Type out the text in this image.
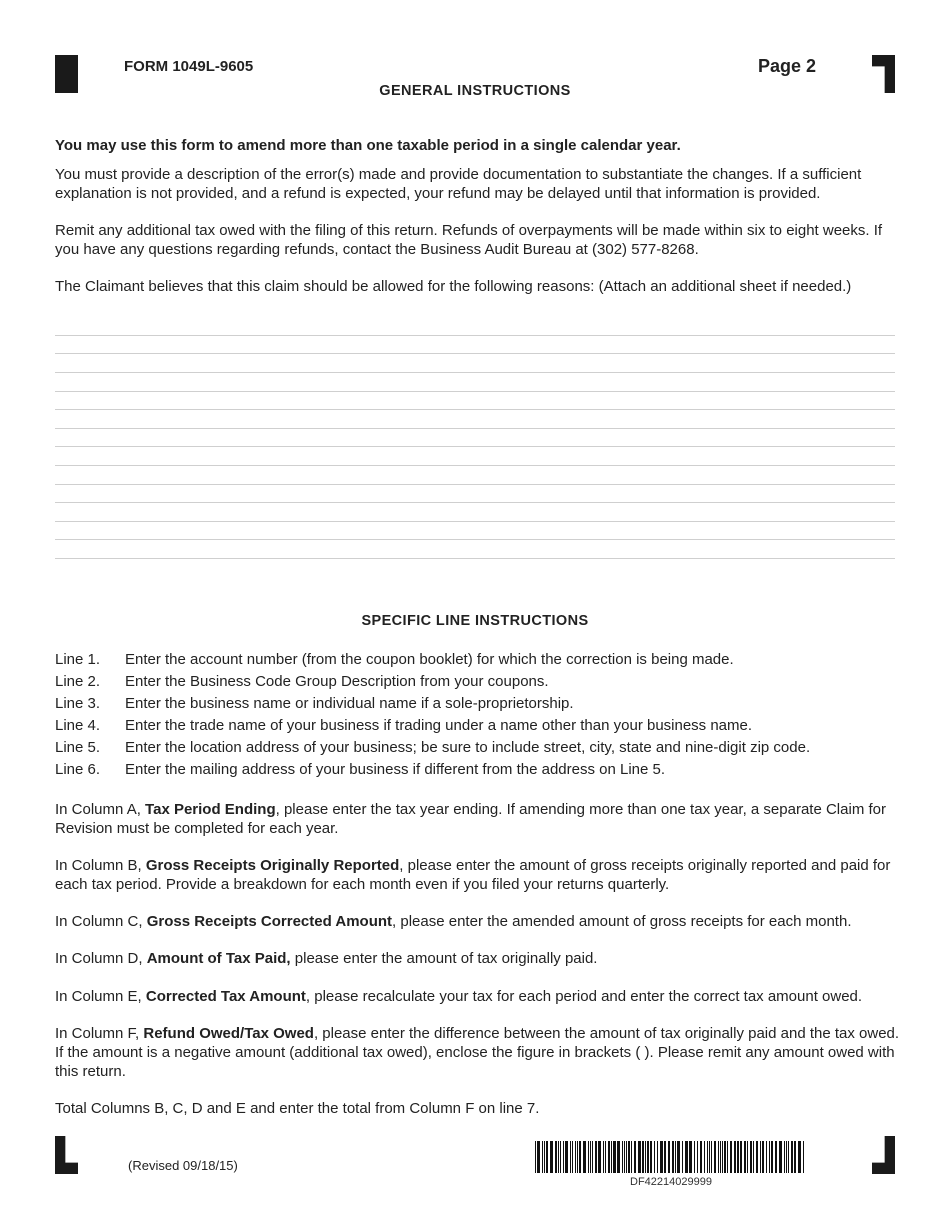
FORM 1049L-9605	Page 2
GENERAL INSTRUCTIONS

You may use this form to amend more than one taxable period in a single calendar year.

You must provide a description of the error(s) made and provide documentation to substantiate the changes. If a sufficient explanation is not provided, and a refund is expected, your refund may be delayed until that information is provided.

Remit any additional tax owed with the filing of this return. Refunds of overpayments will be made within six to eight weeks. If you have any questions regarding refunds, contact the Business Audit Bureau at (302) 577-8268.

The Claimant believes that this claim should be allowed for the following reasons: (Attach an additional sheet if needed.)

SPECIFIC LINE INSTRUCTIONS
Line 1.	Enter the account number (from the coupon booklet) for which the correction is being made.
Line 2.	Enter the Business Code Group Description from your coupons.
Line 3.	Enter the business name or individual name if a sole-proprietorship.
Line 4.	Enter the trade name of your business if trading under a name other than your business name.
Line 5.	Enter the location address of your business; be sure to include street, city, state and nine-digit zip code.
Line 6.	Enter the mailing address of your business if different from the address on Line 5.

In Column A, Tax Period Ending, please enter the tax year ending. If amending more than one tax year, a separate Claim for Revision must be completed for each year.

In Column B, Gross Receipts Originally Reported, please enter the amount of gross receipts originally reported and paid for each tax period. Provide a breakdown for each month even if you filed your returns quarterly.

In Column C, Gross Receipts Corrected Amount, please enter the amended amount of gross receipts for each month.

In Column D, Amount of Tax Paid, please enter the amount of tax originally paid.

In Column E, Corrected Tax Amount, please recalculate your tax for each period and enter the correct tax amount owed.

In Column F, Refund Owed/Tax Owed, please enter the difference between the amount of tax originally paid and the tax owed. If the amount is a negative amount (additional tax owed), enclose the figure in brackets ( ). Please remit any amount owed with this return.

Total Columns B, C, D and E and enter the total from Column F on line 7.

(Revised 09/18/15)
DF42214029999
